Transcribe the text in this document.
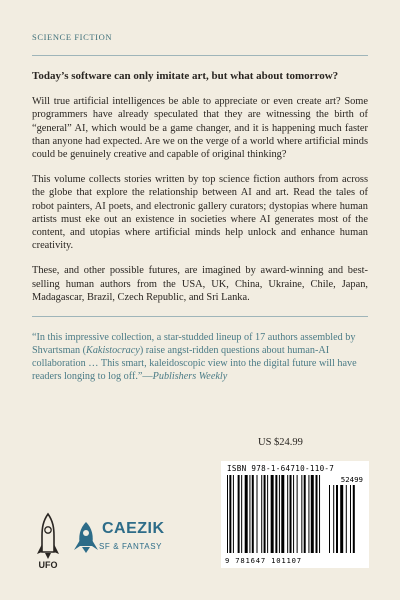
SCIENCE FICTION

Today’s software can only imitate art, but what about tomorrow?

Will true artificial intelligences be able to appreciate or even create art? Some programmers have already speculated that they are witnessing the birth of “general” AI, which would be a game changer, and it is happening much faster than anyone had expected. Are we on the verge of a world where artificial minds could be genuinely creative and capable of original thinking?

This volume collects stories written by top science fiction authors from across the globe that explore the relationship between AI and art. Read the tales of robot painters, AI poets, and electronic gallery curators; dystopias where human artists must eke out an existence in societies where AI generates most of the content, and utopias where artificial minds help unlock and enhance human creativity.

These, and other possible futures, are imagined by award-winning and best-selling human authors from the USA, UK, China, Ukraine, Chile, Japan, Madagascar, Brazil, Czech Republic, and Sri Lanka.

“In this impressive collection, a star-studded lineup of 17 authors assembled by Shvartsman (Kakistocracy) raise angst-ridden questions about human-AI collaboration … This smart, kaleidoscopic view into the digital future will have readers longing to log off.”—Publishers Weekly

US $24.99
ISBN 978-1-64710-110-7
52499
9 781647 101107
UFO
CAEZIK
SF & FANTASY
